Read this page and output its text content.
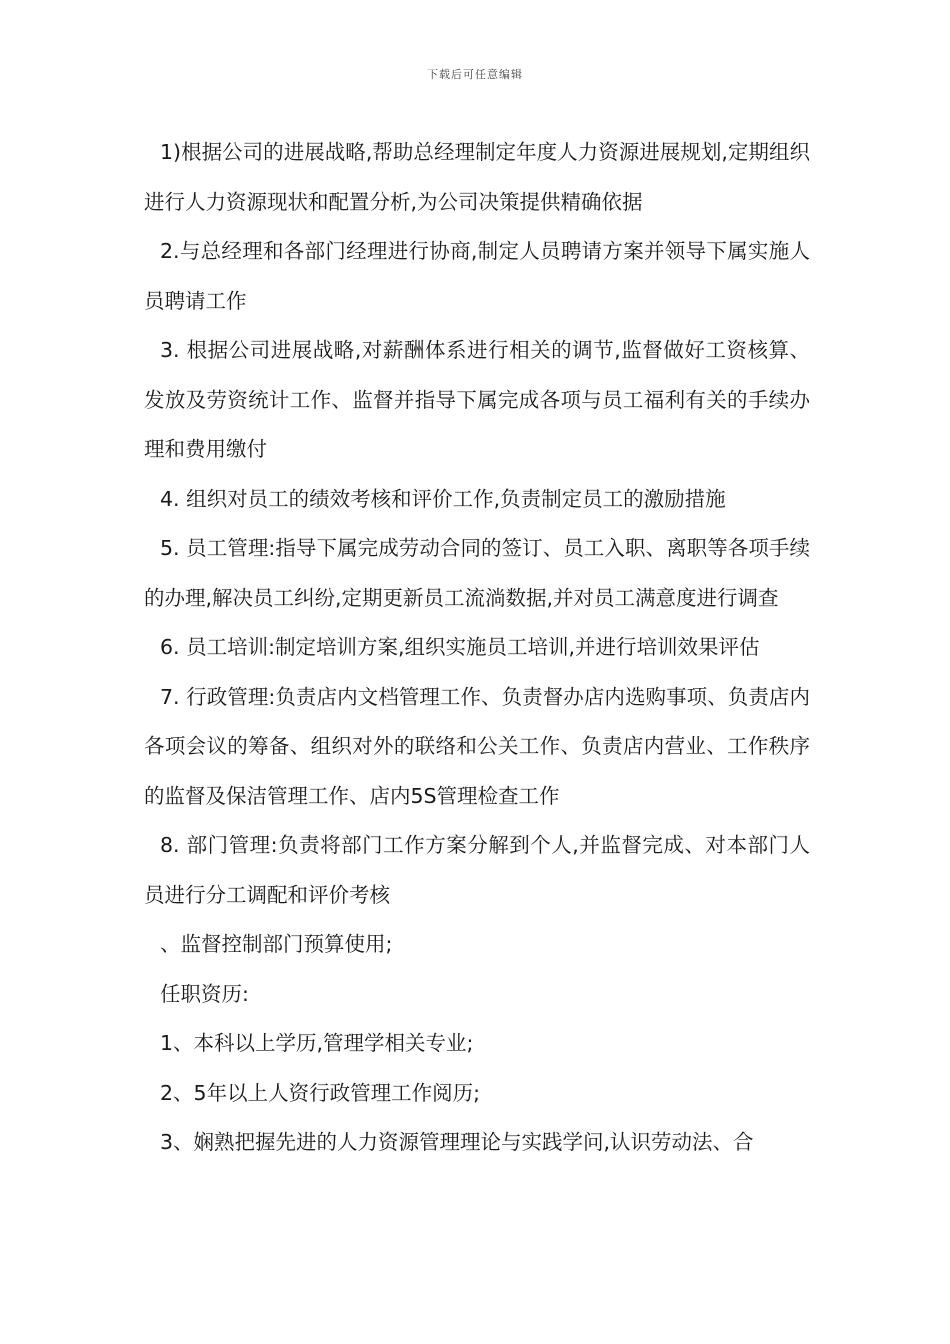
下载后可任意编辑

1)根据公司的进展战略,帮助总经理制定年度人力资源进展规划,定期组织进行人力资源现状和配置分析,为公司决策提供精确依据

2.与总经理和各部门经理进行协商,制定人员聘请方案并领导下属实施人员聘请工作

3. 根据公司进展战略,对薪酬体系进行相关的调节,监督做好工资核算、发放及劳资统计工作、监督并指导下属完成各项与员工福利有关的手续办理和费用缴付

4. 组织对员工的绩效考核和评价工作,负责制定员工的激励措施

5. 员工管理:指导下属完成劳动合同的签订、员工入职、离职等各项手续的办理,解决员工纠纷,定期更新员工流淌数据,并对员工满意度进行调查

6. 员工培训:制定培训方案,组织实施员工培训,并进行培训效果评估

7. 行政管理:负责店内文档管理工作、负责督办店内选购事项、负责店内各项会议的筹备、组织对外的联络和公关工作、负责店内营业、工作秩序的监督及保洁管理工作、店内5S管理检查工作

8. 部门管理:负责将部门工作方案分解到个人,并监督完成、对本部门人员进行分工调配和评价考核

、监督控制部门预算使用;

任职资历:

1、本科以上学历,管理学相关专业;

2、5年以上人资行政管理工作阅历;

3、娴熟把握先进的人力资源管理理论与实践学问,认识劳动法、合
